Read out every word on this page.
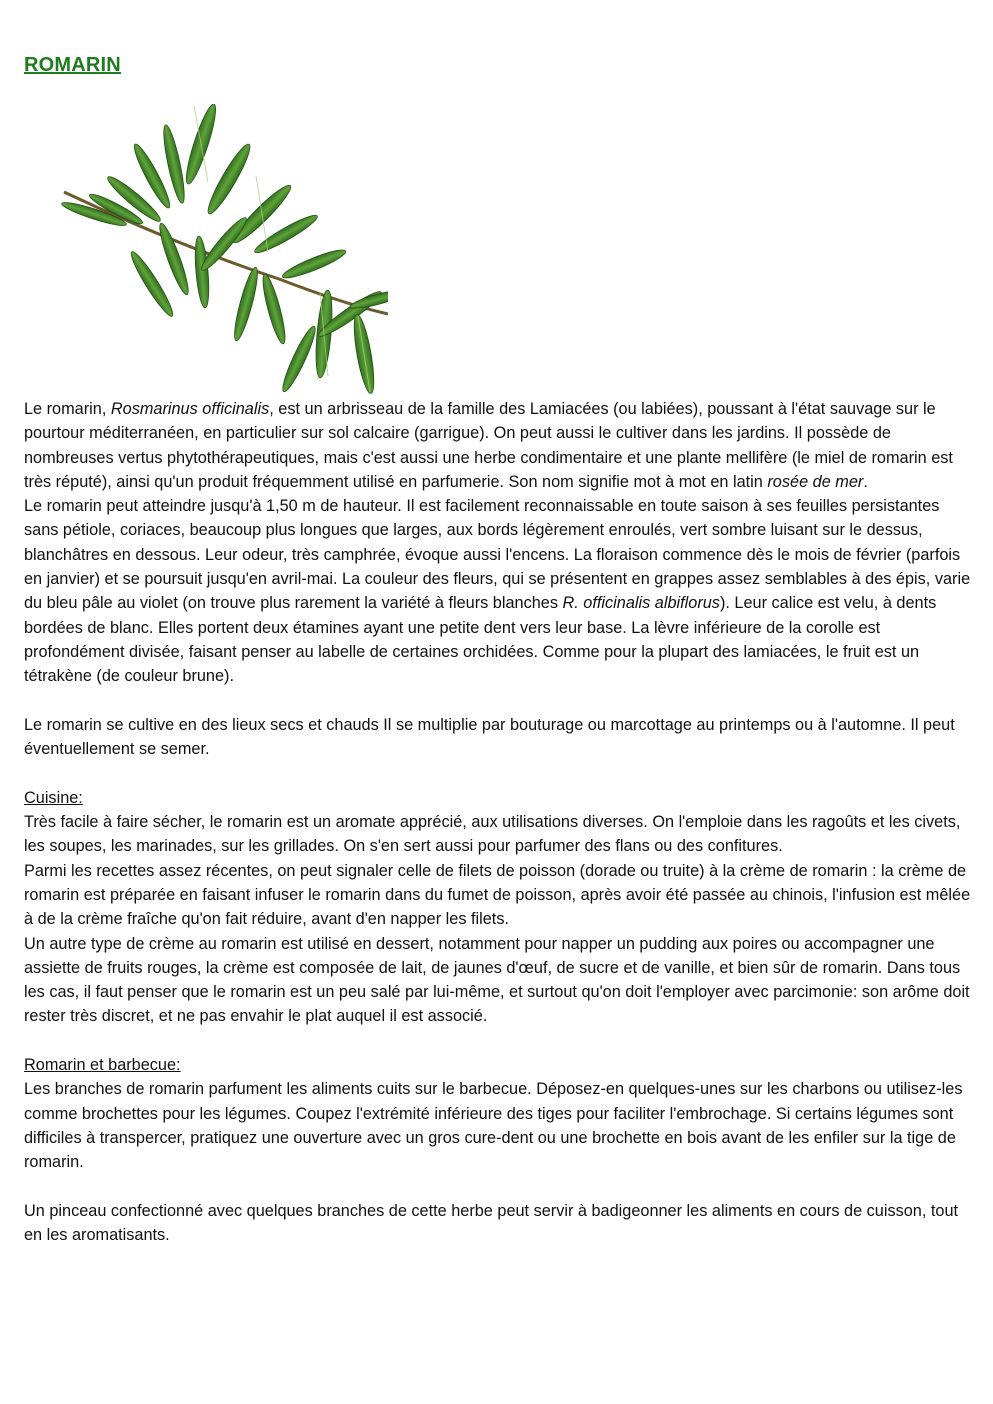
ROMARIN

Le romarin, Rosmarinus officinalis, est un arbrisseau de la famille des Lamiacées (ou labiées), poussant à l'état sauvage sur le pourtour méditerranéen, en particulier sur sol calcaire (garrigue). On peut aussi le cultiver dans les jardins. Il possède de nombreuses vertus phytothérapeutiques, mais c'est aussi une herbe condimentaire et une plante mellifère (le miel de romarin est très réputé), ainsi qu'un produit fréquemment utilisé en parfumerie. Son nom signifie mot à mot en latin rosée de mer.

Le romarin peut atteindre jusqu'à 1,50 m de hauteur. Il est facilement reconnaissable en toute saison à ses feuilles persistantes sans pétiole, coriaces, beaucoup plus longues que larges, aux bords légèrement enroulés, vert sombre luisant sur le dessus, blanchâtres en dessous. Leur odeur, très camphrée, évoque aussi l'encens. La floraison commence dès le mois de février (parfois en janvier) et se poursuit jusqu'en avril-mai. La couleur des fleurs, qui se présentent en grappes assez semblables à des épis, varie du bleu pâle au violet (on trouve plus rarement la variété à fleurs blanches R. officinalis albiflorus). Leur calice est velu, à dents bordées de blanc. Elles portent deux étamines ayant une petite dent vers leur base. La lèvre inférieure de la corolle est profondément divisée, faisant penser au labelle de certaines orchidées. Comme pour la plupart des lamiacées, le fruit est un tétrakène (de couleur brune).

Le romarin se cultive en des lieux secs et chauds Il se multiplie par bouturage ou marcottage au printemps ou à l'automne. Il peut éventuellement se semer.

Cuisine:

Très facile à faire sécher, le romarin est un aromate apprécié, aux utilisations diverses. On l'emploie dans les ragoûts et les civets, les soupes, les marinades, sur les grillades. On s'en sert aussi pour parfumer des flans ou des confitures.

Parmi les recettes assez récentes, on peut signaler celle de filets de poisson (dorade ou truite) à la crème de romarin : la crème de romarin est préparée en faisant infuser le romarin dans du fumet de poisson, après avoir été passée au chinois, l'infusion est mêlée à de la crème fraîche qu'on fait réduire, avant d'en napper les filets.

Un autre type de crème au romarin est utilisé en dessert, notamment pour napper un pudding aux poires ou accompagner une assiette de fruits rouges, la crème est composée de lait, de jaunes d'œuf, de sucre et de vanille, et bien sûr de romarin. Dans tous les cas, il faut penser que le romarin est un peu salé par lui-même, et surtout qu'on doit l'employer avec parcimonie: son arôme doit rester très discret, et ne pas envahir le plat auquel il est associé.

Romarin et barbecue:

Les branches de romarin parfument les aliments cuits sur le barbecue. Déposez-en quelques-unes sur les charbons ou utilisez-les comme brochettes pour les légumes. Coupez l'extrémité inférieure des tiges pour faciliter l'embrochage. Si certains légumes sont difficiles à transpercer, pratiquez une ouverture avec un gros cure-dent ou une brochette en bois avant de les enfiler sur la tige de romarin.

Un pinceau confectionné avec quelques branches de cette herbe peut servir à badigeonner les aliments en cours de cuisson, tout en les aromatisants.
